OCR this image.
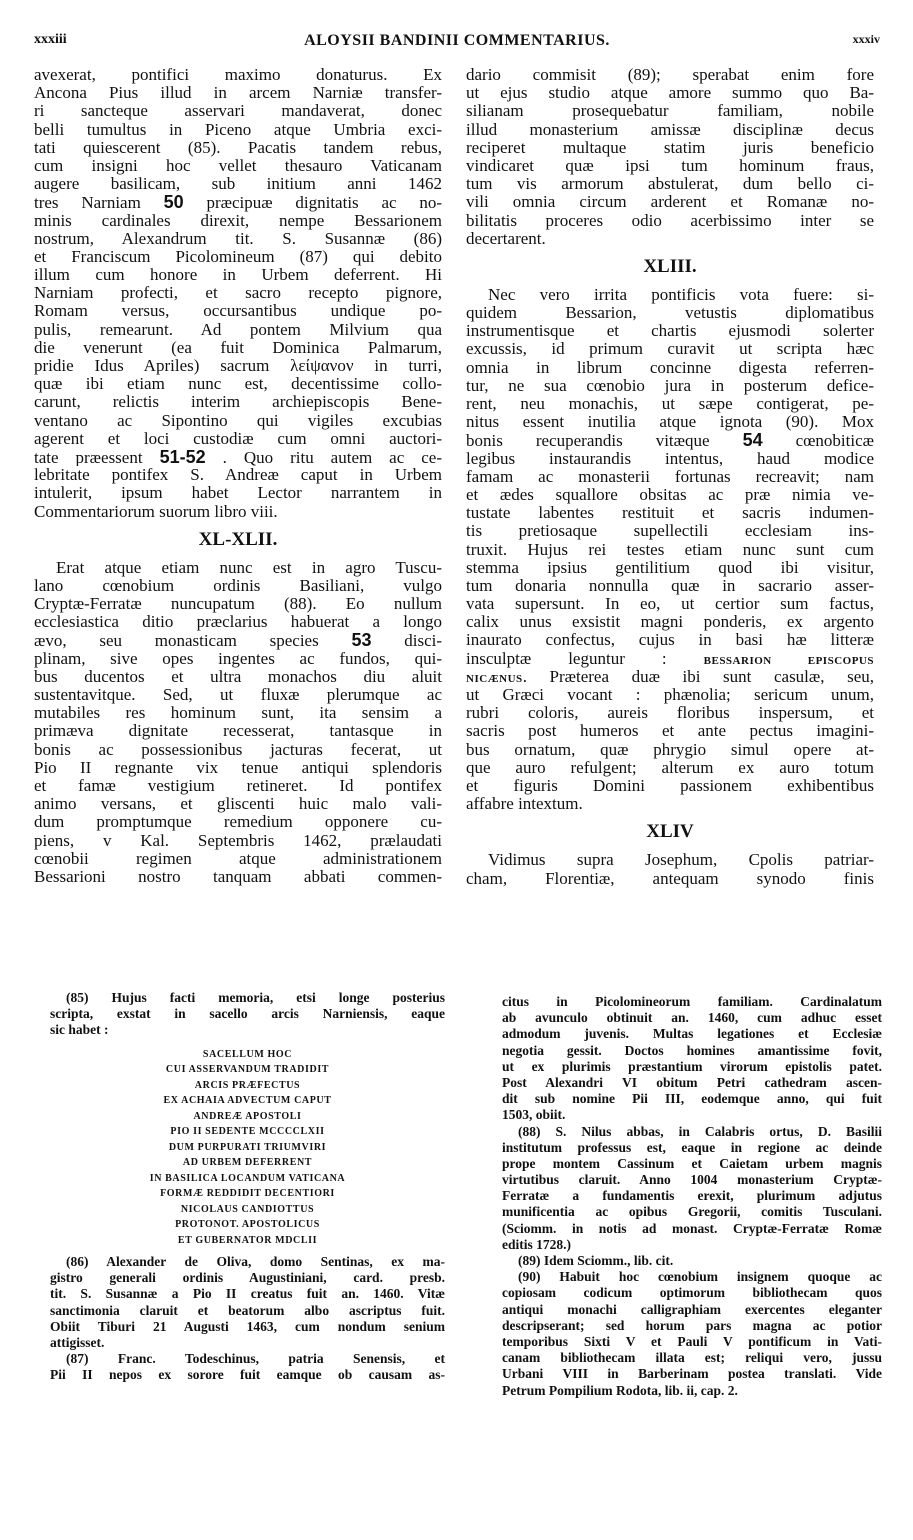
xxxiii	ALOYSII BANDINII COMMENTARIUS.	xxxiv
avexerat, pontifici maximo donaturus. Ex
Ancona Pius illud in arcem Narniæ transfer-
ri sancteque asservari mandaverat, donec
belli tumultus in Piceno atque Umbria exci-
tati quiescerent (85). Pacatis tandem rebus,
cum insigni hoc vellet thesauro Vaticanam
augere basilicam, sub initium anni 1462
tres Narniam 50 præcipuæ dignitatis ac no-
minis cardinales direxit, nempe Bessarionem
nostrum, Alexandrum tit. S. Susannæ (86)
et Franciscum Picolomineum (87) qui debito
illum cum honore in Urbem deferrent. Hi
Narniam profecti, et sacro recepto pignore,
Romam versus, occursantibus undique po-
pulis, remearunt. Ad pontem Milvium qua
die venerunt (ea fuit Dominica Palmarum,
pridie Idus Apriles) sacrum λείψανον in turri,
quæ ibi etiam nunc est, decentissime collo-
carunt, relictis interim archiepiscopis Bene-
ventano ac Sipontino qui vigiles excubias
agerent et loci custodiæ cum omni auctori-
tate præessent 51-52 . Quo ritu autem ac ce-
lebritate pontifex S. Andreæ caput in Urbem
intulerit, ipsum habet Lector narrantem in
Commentariorum suorum libro viii.
XL-XLII.
Erat atque etiam nunc est in agro Tuscu-
lano cœnobium ordinis Basiliani, vulgo
Cryptæ-Ferratæ nuncupatum (88). Eo nullum
ecclesiastica ditio præclarius habuerat a longo
ævo, seu monasticam species 53 disci-
plinam, sive opes ingentes ac fundos, qui-
bus ducentos et ultra monachos diu aluit
sustentavitque. Sed, ut fluxæ plerumque ac
mutabiles res hominum sunt, ita sensim a
primæva dignitate recesserat, tantasque in
bonis ac possessionibus jacturas fecerat, ut
Pio II regnante vix tenue antiqui splendoris
et famæ vestigium retineret. Id pontifex
animo versans, et gliscenti huic malo vali-
dum promptumque remedium opponere cu-
piens, v Kal. Septembris 1462, prælaudati
cœnobii regimen atque administrationem
Bessarioni nostro tanquam abbati commen-
dario commisit (89); sperabat enim fore
ut ejus studio atque amore summo quo Ba-
silianam prosequebatur familiam, nobile
illud monasterium amissæ disciplinæ decus
reciperet multaque statim juris beneficio
vindicaret quæ ipsi tum hominum fraus,
tum vis armorum abstulerat, dum bello ci-
vili omnia circum arderent et Romanæ no-
bilitatis proceres odio acerbissimo inter se
decertarent.
XLIII.
Nec vero irrita pontificis vota fuere: si-
quidem Bessarion, vetustis diplomatibus
instrumentisque et chartis ejusmodi solerter
excussis, id primum curavit ut scripta hæc
omnia in librum concinne digesta referren-
tur, ne sua cœnobio jura in posterum defice-
rent, neu monachis, ut sæpe contigerat, pe-
nitus essent inutilia atque ignota (90). Mox
bonis recuperandis vitæque 54 cœnobiticæ
legibus instaurandis intentus, haud modice
famam ac monasterii fortunas recreavit; nam
et ædes squallore obsitas ac præ nimia ve-
tustate labentes restituit et sacris indumen-
tis pretiosaque supellectili ecclesiam ins-
truxit. Hujus rei testes etiam nunc sunt cum
stemma ipsius gentilitium quod ibi visitur,
tum donaria nonnulla quæ in sacrario asser-
vata supersunt. In eo, ut certior sum factus,
calix unus exsistit magni ponderis, ex argento
inaurato confectus, cujus in basi hæ litteræ
insculptæ leguntur :	BESSARION EPISCOPUS
NICÆNUS. Præterea duæ ibi sunt casulæ, seu,
ut Græci vocant : phænolia; sericum unum,
rubri coloris, aureis floribus inspersum, et
sacris post humeros et ante pectus imagini-
bus ornatum, quæ phrygio simul opere at-
que auro refulgent; alterum ex auro totum
et figuris Domini passionem exhibentibus
affabre intextum.
XLIV
Vidimus supra Josephum, Cpolis patriar-
cham, Florentiæ, antequam synodo finis
(85) Hujus facti memoria, etsi longe posterius
scripta, exstat in sacello arcis Narniensis, eaque
sic habet :
SACELLUM HOC
CUI ASSERVANDUM TRADIDIT
ARCIS PRÆFECTUS
EX ACHAIA ADVECTUM CAPUT
ANDREÆ APOSTOLI
PIO II SEDENTE MCCCCLXII
DUM PURPURATI TRIUMVIRI
AD URBEM DEFERRENT
IN BASILICA LOCANDUM VATICANA
FORMÆ REDDIDIT DECENTIORI
NICOLAUS CANDIOTTUS
PROTONOT. APOSTOLICUS
ET GUBERNATOR MDCLII
(86) Alexander de Oliva, domo Sentinas, ex ma-
gistro generali ordinis Augustiniani, card. presb.
tit. S. Susannæ a Pio II creatus fuit an. 1460. Vitæ
sanctimonia claruit et beatorum albo ascriptus fuit.
Obiit Tiburi 21 Augusti 1463, cum nondum senium
attigisset.
(87) Franc. Todeschinus, patria Senensis, et
Pii II nepos ex sorore fuit eamque ob causam as-
citus in Picolomineorum familiam. Cardinalatum
ab avunculo obtinuit an. 1460, cum adhuc esset
admodum juvenis. Multas legationes et Ecclesiæ
negotia gessit. Doctos homines amantissime fovit,
ut ex plurimis præstantium virorum epistolis patet.
Post Alexandri VI obitum Petri cathedram ascen-
dit sub nomine Pii III, eodemque anno, qui fuit
1503, obiit.
(88) S. Nilus abbas, in Calabris ortus, D. Basilii
institutum professus est, eaque in regione ac deinde
prope montem Cassinum et Caietam urbem magnis
virtutibus claruit. Anno 1004 monasterium Cryptæ-
Ferratæ a fundamentis erexit, plurimum adjutus
munificentia ac opibus Gregorii, comitis Tusculani.
(Sciomm. in notis ad monast. Cryptæ-Ferratæ Romæ
editis 1728.)
(89) Idem Sciomm., lib. cit.
(90) Habuit hoc cœnobium insignem quoque ac
copiosam codicum optimorum bibliothecam quos
antiqui monachi calligraphiam exercentes eleganter
descripserant; sed horum pars magna ac potior
temporibus Sixti V et Pauli V pontificum in Vati-
canam bibliothecam illata est; reliqui vero, jussu
Urbani VIII in Barberinam postea translati. Vide
Petrum Pompilium Rodota, lib. ii, cap. 2.
